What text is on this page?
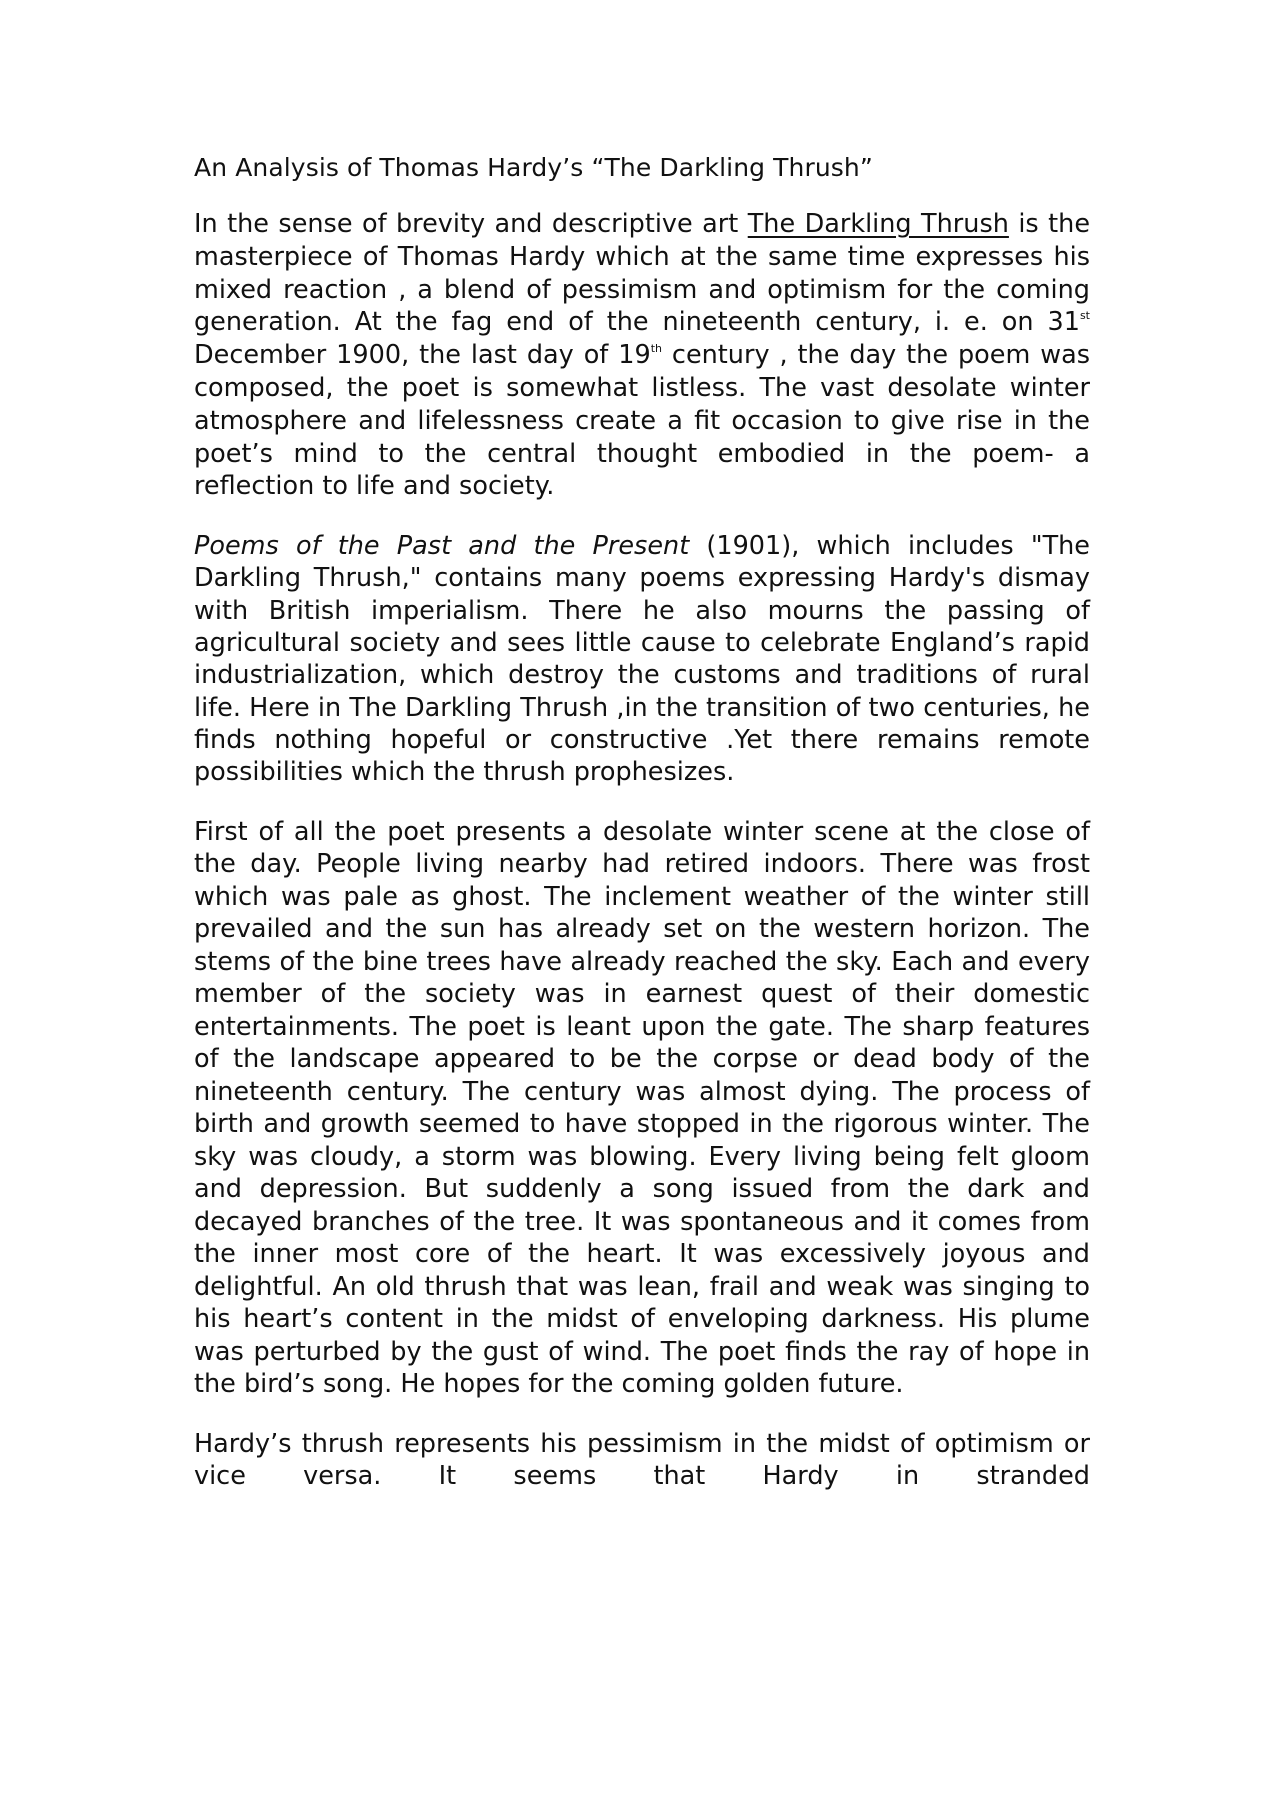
An Analysis of Thomas Hardy’s “The Darkling Thrush”

In the sense of brevity and descriptive art The Darkling Thrush is the masterpiece of Thomas Hardy which at the same time expresses his mixed reaction , a blend of pessimism and optimism for the coming generation. At the fag end of the nineteenth century, i. e. on 31st December 1900, the last day of 19th century , the day the poem was composed, the poet is somewhat listless. The vast desolate winter atmosphere and lifelessness create a fit occasion to give rise in the poet’s mind to the central thought embodied in the poem- a reflection to life and society.

Poems of the Past and the Present (1901), which includes "The Darkling Thrush," contains many poems expressing Hardy's dismay with British imperialism. There he also mourns the passing of agricultural society and sees little cause to celebrate England’s rapid industrialization, which destroy the customs and traditions of rural life. Here in The Darkling Thrush ,in the transition of two centuries, he finds nothing hopeful or constructive .Yet there remains remote possibilities which the thrush prophesizes.

First of all the poet presents a desolate winter scene at the close of the day. People living nearby had retired indoors. There was frost which was pale as ghost. The inclement weather of the winter still prevailed and the sun has already set on the western horizon. The stems of the bine trees have already reached the sky. Each and every member of the society was in earnest quest of their domestic entertainments. The poet is leant upon the gate. The sharp features of the landscape appeared to be the corpse or dead body of the nineteenth century. The century was almost dying. The process of birth and growth seemed to have stopped in the rigorous winter. The sky was cloudy, a storm was blowing. Every living being felt gloom and depression. But suddenly a song issued from the dark and decayed branches of the tree. It was spontaneous and it comes from the inner most core of the heart. It was excessively joyous and delightful. An old thrush that was lean, frail and weak was singing to his heart’s content in the midst of enveloping darkness. His plume was perturbed by the gust of wind. The poet finds the ray of hope in the bird’s song. He hopes for the coming golden future.

Hardy’s thrush represents his pessimism in the midst of optimism or vice versa. It seems that Hardy in stranded
